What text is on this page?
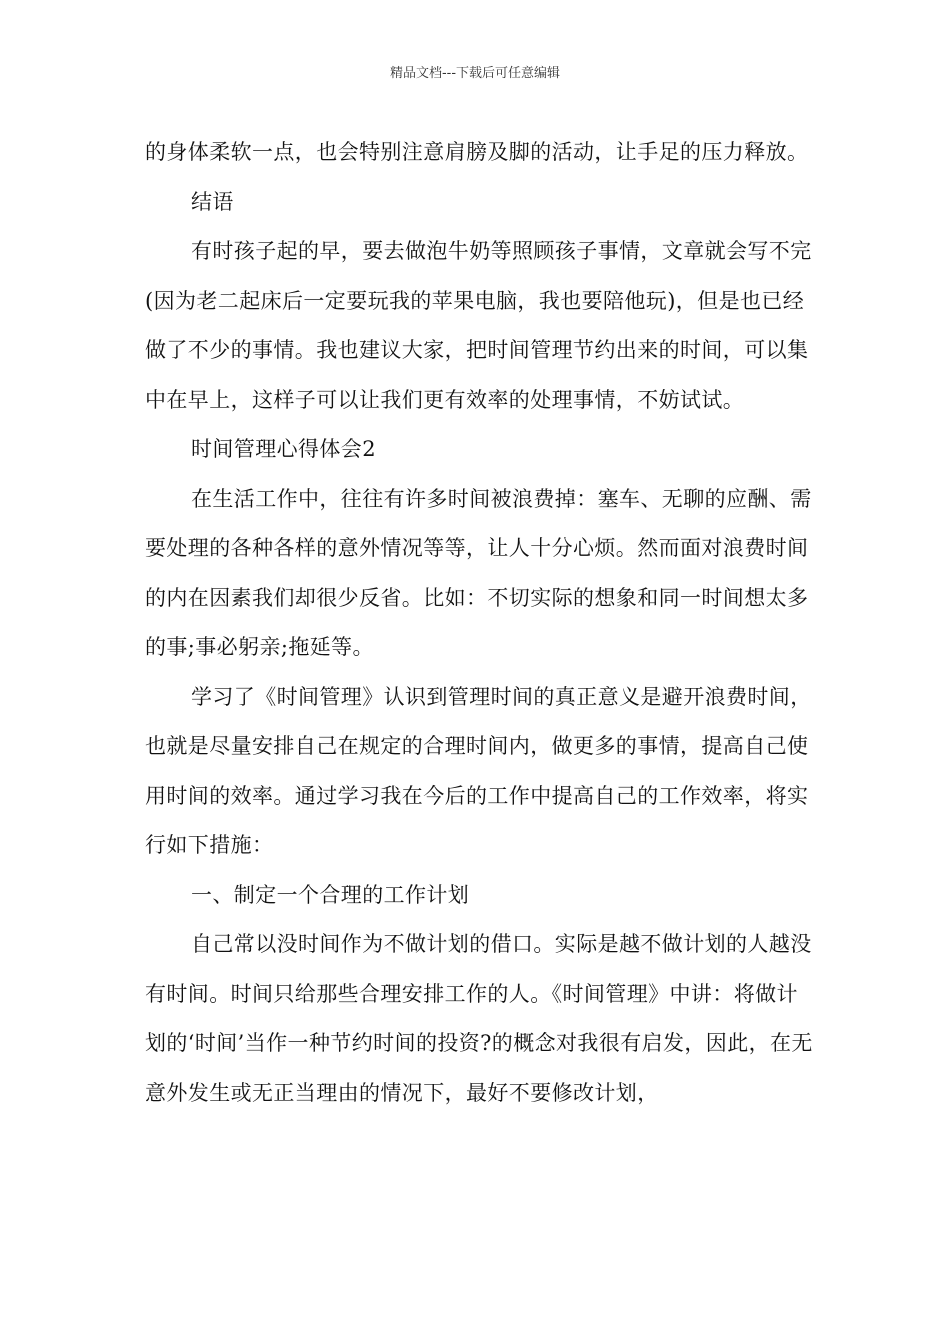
精品文档---下载后可任意编辑

的身体柔软一点，也会特别注意肩膀及脚的活动，让手足的压力释放。

结语

有时孩子起的早，要去做泡牛奶等照顾孩子事情，文章就会写不完(因为老二起床后一定要玩我的苹果电脑，我也要陪他玩)，但是也已经做了不少的事情。我也建议大家，把时间管理节约出来的时间，可以集中在早上，这样子可以让我们更有效率的处理事情，不妨试试。

时间管理心得体会2

在生活工作中，往往有许多时间被浪费掉：塞车、无聊的应酬、需要处理的各种各样的意外情况等等，让人十分心烦。然而面对浪费时间的内在因素我们却很少反省。比如：不切实际的想象和同一时间想太多的事;事必躬亲;拖延等。

学习了《时间管理》认识到管理时间的真正意义是避开浪费时间，也就是尽量安排自己在规定的合理时间内，做更多的事情，提高自己使用时间的效率。通过学习我在今后的工作中提高自己的工作效率，将实行如下措施：

一、制定一个合理的工作计划

自己常以没时间作为不做计划的借口。实际是越不做计划的人越没有时间。时间只给那些合理安排工作的人。《时间管理》中讲：将做计划的‘时间’当作一种节约时间的投资?的概念对我很有启发，因此，在无意外发生或无正当理由的情况下，最好不要修改计划，
